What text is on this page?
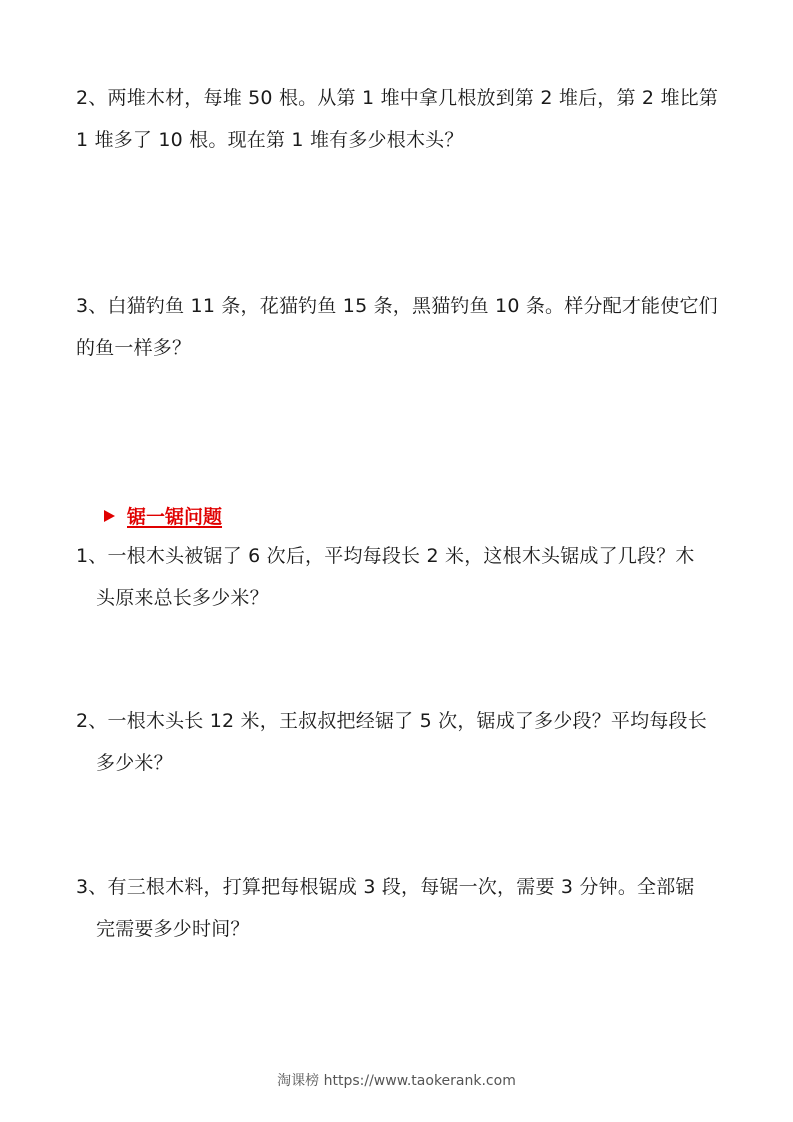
2、两堆木材，每堆 50 根。从第 1 堆中拿几根放到第 2 堆后，第 2 堆比第
1 堆多了 10 根。现在第 1 堆有多少根木头？
3、白猫钓鱼 11 条，花猫钓鱼 15 条，黑猫钓鱼 10 条。样分配才能使它们
的鱼一样多？
锯一锯问题
1、一根木头被锯了 6 次后，平均每段长 2 米，这根木头锯成了几段？木
头原来总长多少米？
2、一根木头长 12 米，王叔叔把经锯了 5 次，锯成了多少段？平均每段长
多少米？
3、有三根木料，打算把每根锯成 3 段，每锯一次，需要 3 分钟。全部锯
完需要多少时间？
淘课榜 https://www.taokerank.com
